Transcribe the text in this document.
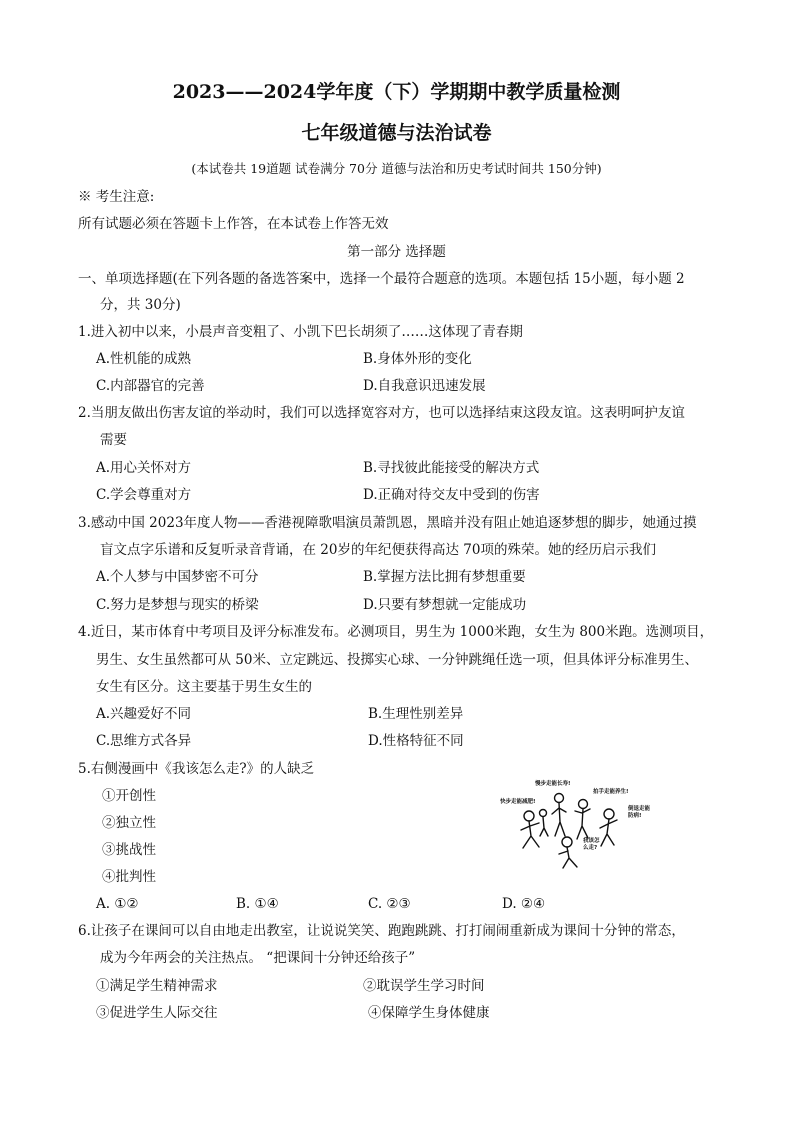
2023——2024学年度（下）学期期中教学质量检测
七年级道德与法治试卷
(本试卷共 19道题 试卷满分 70分 道德与法治和历史考试时间共 150分钟)
※ 考生注意:
所有试题必须在答题卡上作答，在本试卷上作答无效
第一部分 选择题
一、单项选择题(在下列各题的备选答案中，选择一个最符合题意的选项。本题包括 15小题，每小题 2
分，共 30分)
1.进入初中以来，小晨声音变粗了、小凯下巴长胡须了……这体现了青春期
A.性机能的成熟	B.身体外形的变化
C.内部器官的完善	D.自我意识迅速发展
2.当朋友做出伤害友谊的举动时，我们可以选择宽容对方，也可以选择结束这段友谊。这表明呵护友谊
需要
A.用心关怀对方	B.寻找彼此能接受的解决方式
C.学会尊重对方	D.正确对待交友中受到的伤害
3.感动中国 2023年度人物——香港视障歌唱演员萧凯恩，黑暗并没有阻止她追逐梦想的脚步，她通过摸
盲文点字乐谱和反复听录音背诵，在 20岁的年纪便获得高达 70项的殊荣。她的经历启示我们
A.个人梦与中国梦密不可分	B.掌握方法比拥有梦想重要
C.努力是梦想与现实的桥梁	D.只要有梦想就一定能成功
4.近日，某市体育中考项目及评分标准发布。必测项目，男生为 1000米跑，女生为 800米跑。选测项目，
男生、女生虽然都可从 50米、立定跳远、投掷实心球、一分钟跳绳任选一项，但具体评分标准男生、
女生有区分。这主要基于男生女生的
A.兴趣爱好不同	B.生理性别差异
C.思维方式各异	D.性格特征不同
5.右侧漫画中《我该怎么走?》的人缺乏
①开创性
②独立性
③挑战性
④批判性
A. ①②	B. ①④	C. ②③	D. ②④
慢步走能长寿!
拍手走能养生!
快步走能减肥!
倒退走能
防病!
我该怎
么走?
6.让孩子在课间可以自由地走出教室，让说说笑笑、跑跑跳跳、打打闹闹重新成为课间十分钟的常态，
成为今年两会的关注热点。 “把课间十分钟还给孩子”
①满足学生精神需求	②耽误学生学习时间
③促进学生人际交往	④保障学生身体健康
